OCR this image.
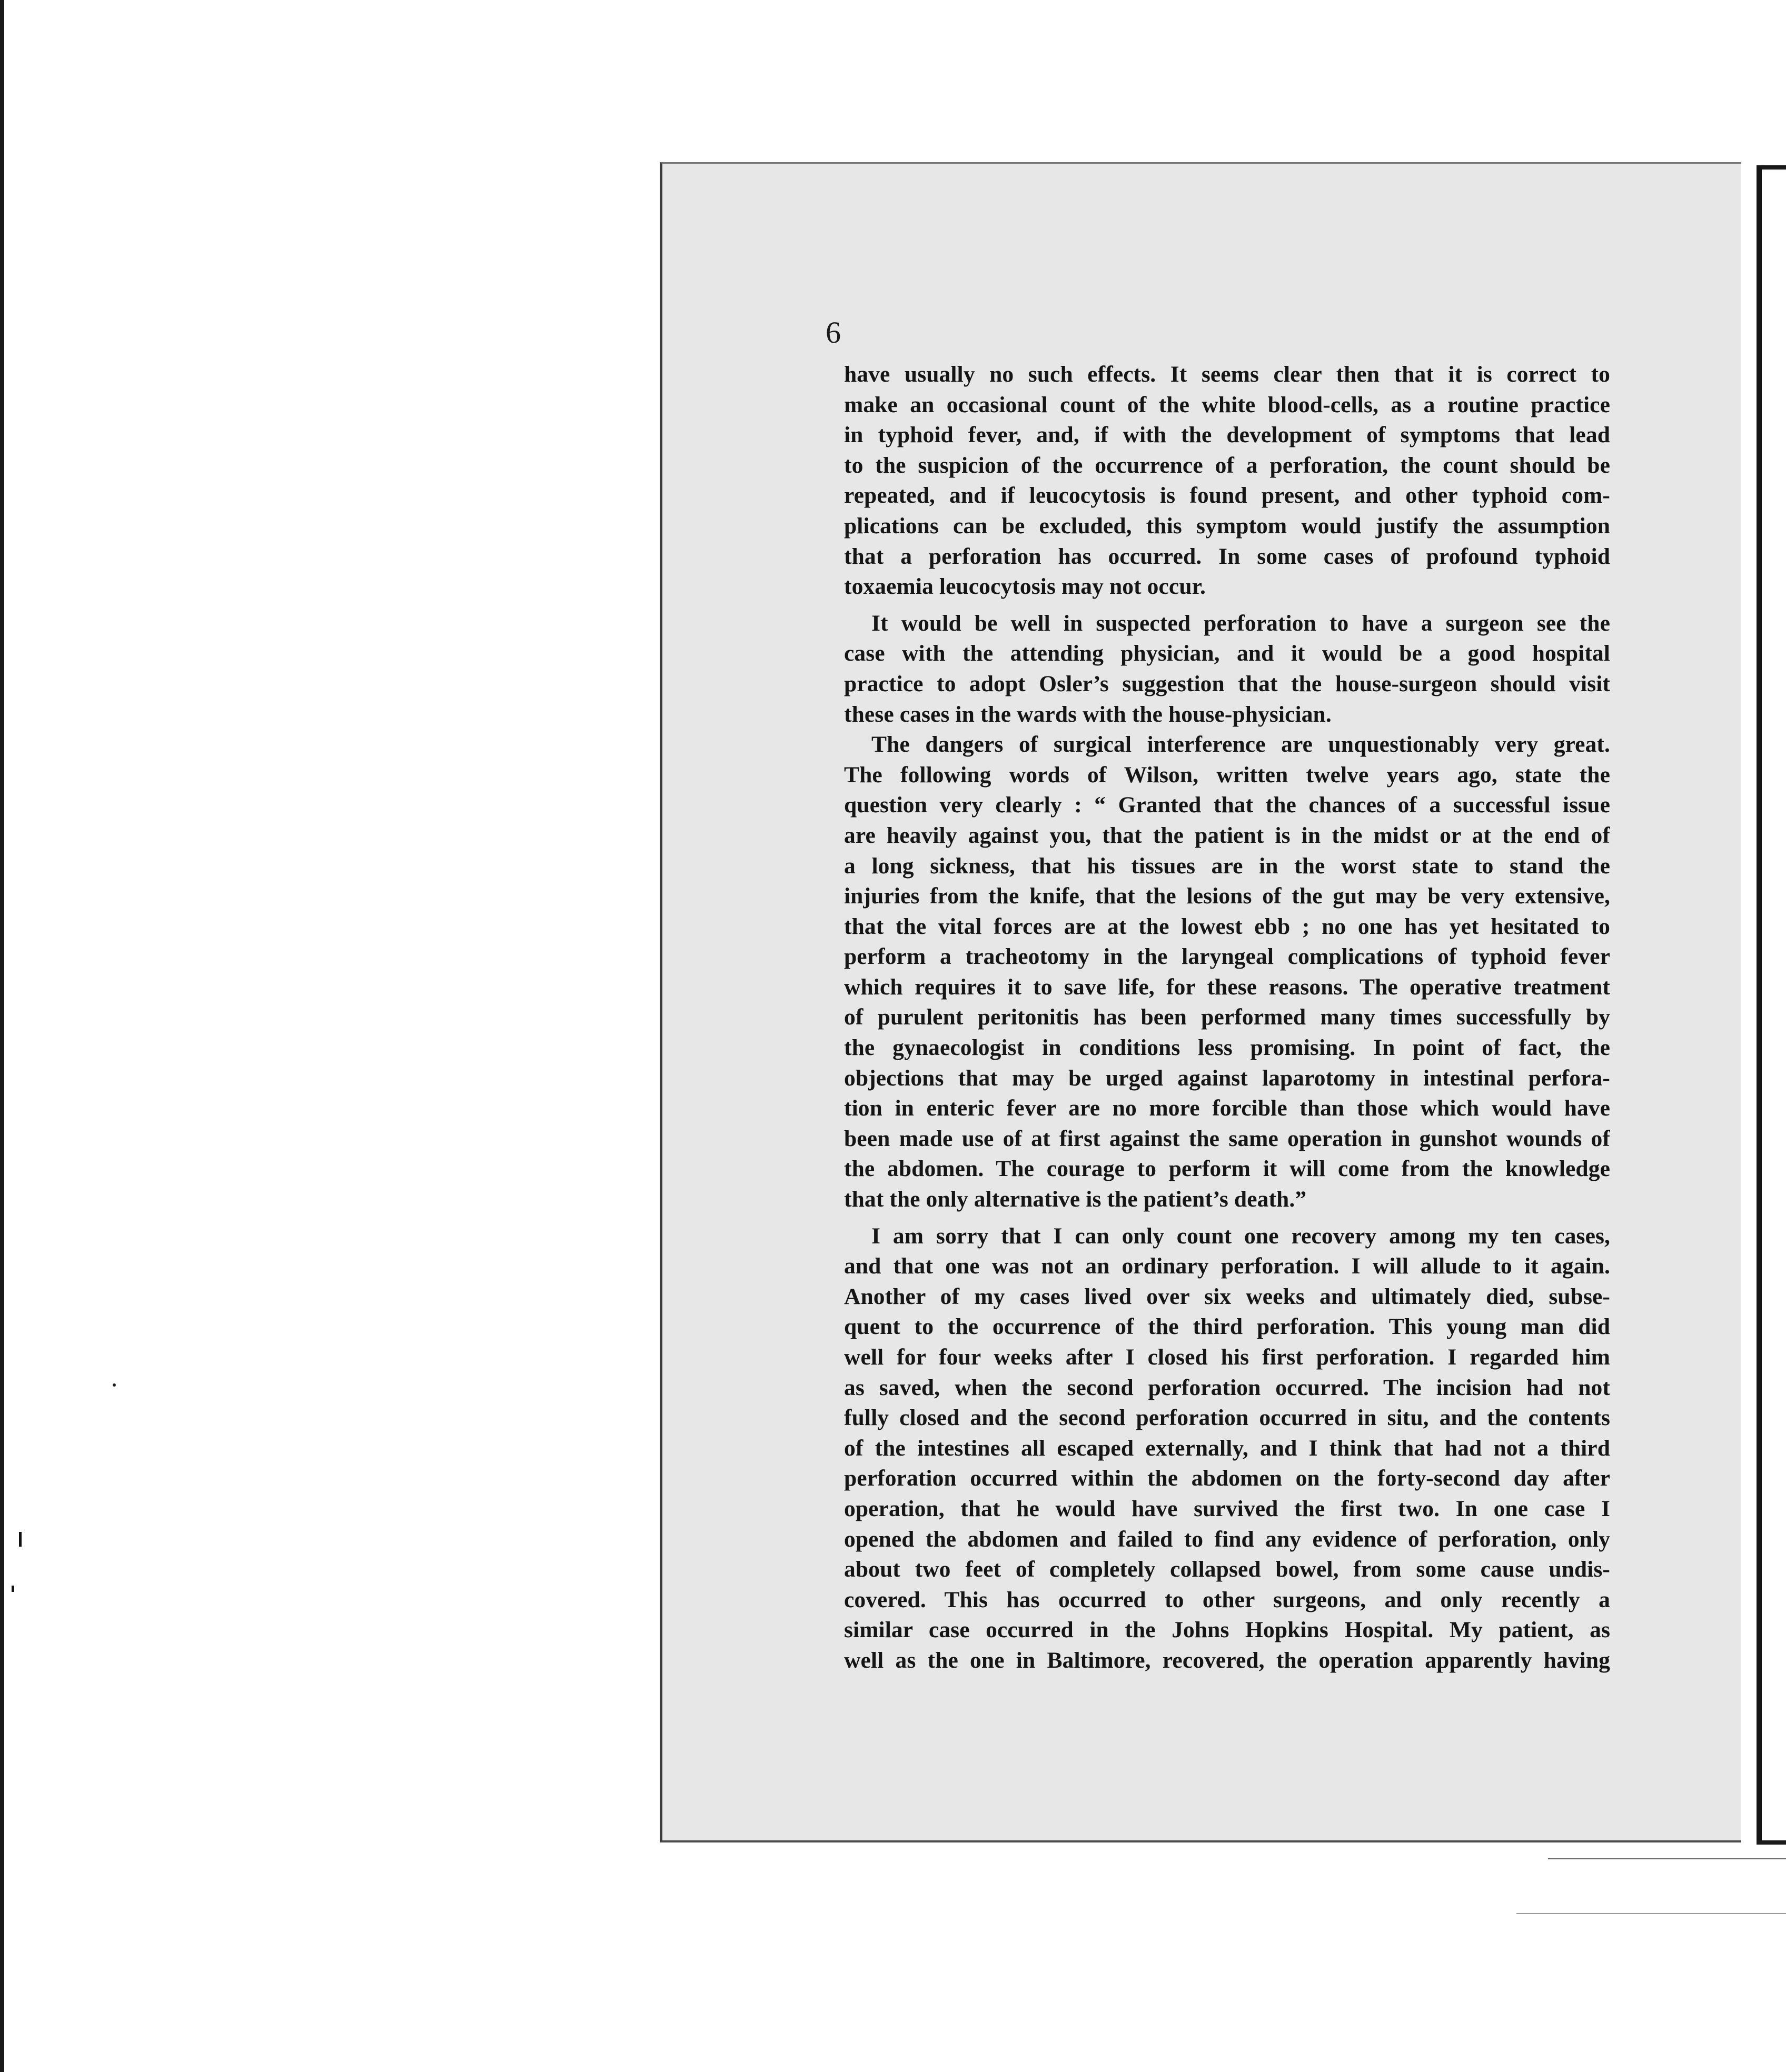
6
have usually no such effects. It seems clear then that it is correct to
make an occasional count of the white blood-cells, as a routine practice
in typhoid fever, and, if with the development of symptoms that lead
to the suspicion of the occurrence of a perforation, the count should be
repeated, and if leucocytosis is found present, and other typhoid com-
plications can be excluded, this symptom would justify the assumption
that a perforation has occurred. In some cases of profound typhoid
toxaemia leucocytosis may not occur.
It would be well in suspected perforation to have a surgeon see the
case with the attending physician, and it would be a good hospital
practice to adopt Osler’s suggestion that the house-surgeon should visit
these cases in the wards with the house-physician.
The dangers of surgical interference are unquestionably very great.
The following words of Wilson, written twelve years ago, state the
question very clearly : “ Granted that the chances of a successful issue
are heavily against you, that the patient is in the midst or at the end of
a long sickness, that his tissues are in the worst state to stand the
injuries from the knife, that the lesions of the gut may be very extensive,
that the vital forces are at the lowest ebb ; no one has yet hesitated to
perform a tracheotomy in the laryngeal complications of typhoid fever
which requires it to save life, for these reasons. The operative treatment
of purulent peritonitis has been performed many times successfully by
the gynaecologist in conditions less promising. In point of fact, the
objections that may be urged against laparotomy in intestinal perfora-
tion in enteric fever are no more forcible than those which would have
been made use of at first against the same operation in gunshot wounds of
the abdomen. The courage to perform it will come from the knowledge
that the only alternative is the patient’s death.”
I am sorry that I can only count one recovery among my ten cases,
and that one was not an ordinary perforation. I will allude to it again.
Another of my cases lived over six weeks and ultimately died, subse-
quent to the occurrence of the third perforation. This young man did
well for four weeks after I closed his first perforation. I regarded him
as saved, when the second perforation occurred. The incision had not
fully closed and the second perforation occurred in situ, and the contents
of the intestines all escaped externally, and I think that had not a third
perforation occurred within the abdomen on the forty-second day after
operation, that he would have survived the first two. In one case I
opened the abdomen and failed to find any evidence of perforation, only
about two feet of completely collapsed bowel, from some cause undis-
covered. This has occurred to other surgeons, and only recently a
similar case occurred in the Johns Hopkins Hospital. My patient, as
well as the one in Baltimore, recovered, the operation apparently having
